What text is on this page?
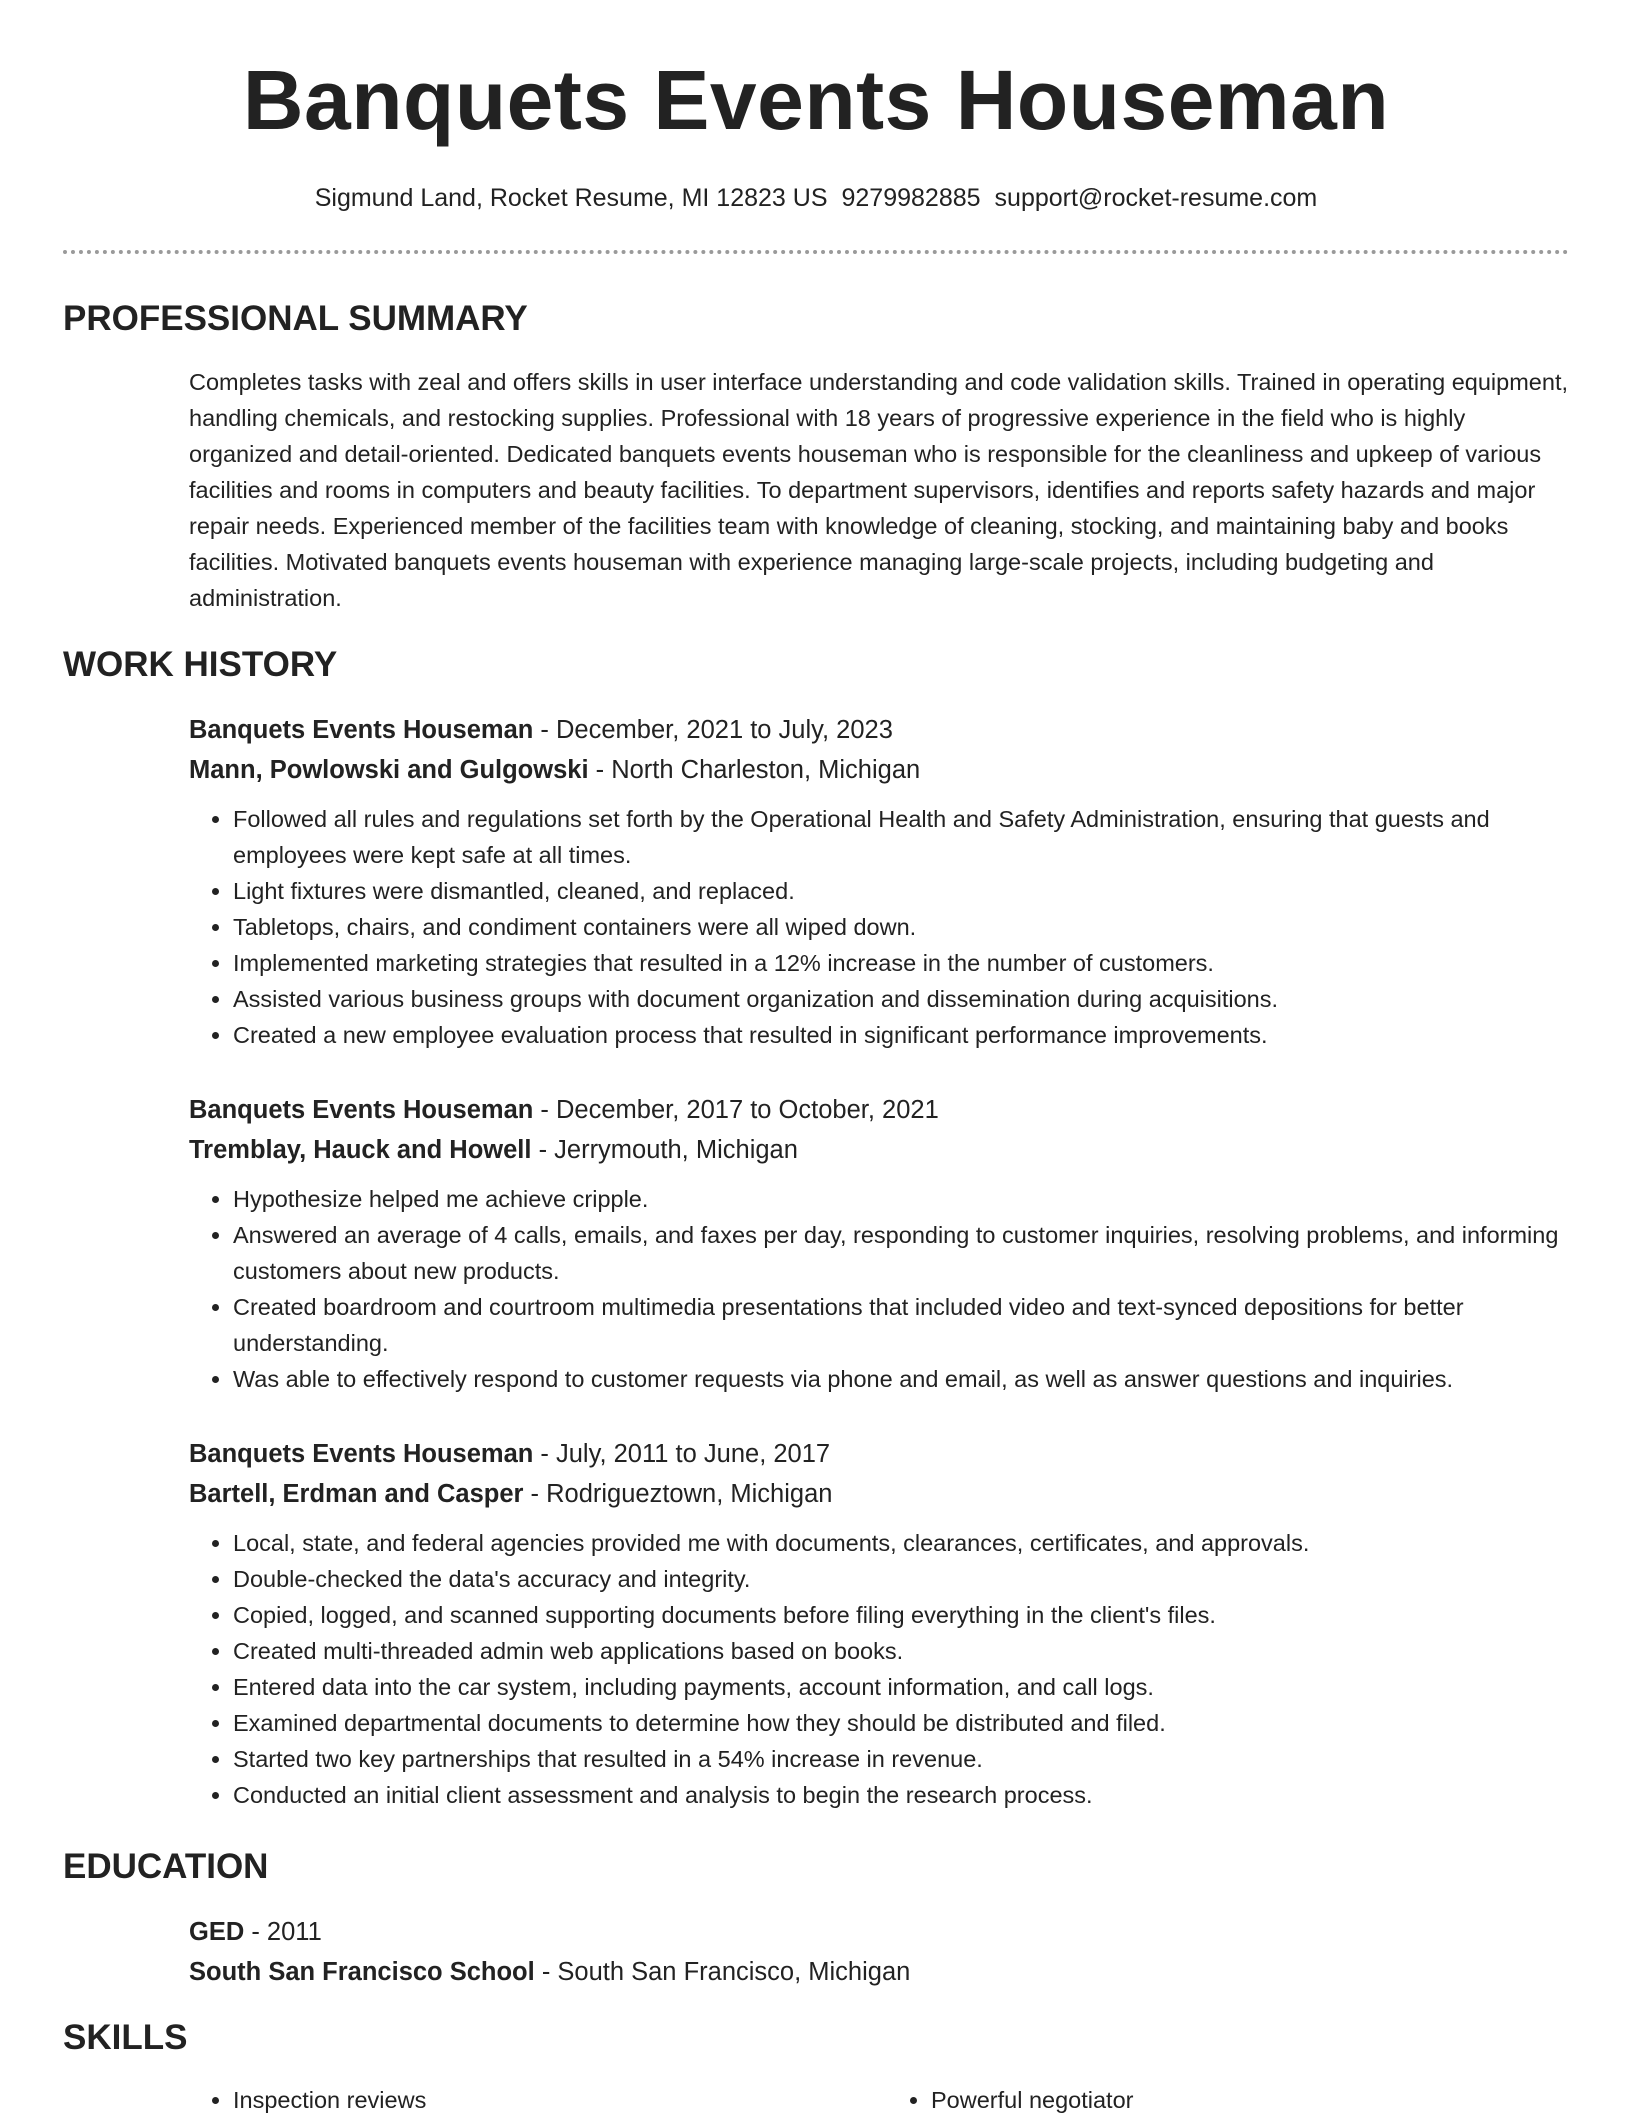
Banquets Events Houseman
Sigmund Land, Rocket Resume, MI 12823 US 9279982885 support@rocket-resume.com
PROFESSIONAL SUMMARY

Completes tasks with zeal and offers skills in user interface understanding and code validation skills. Trained in operating equipment, handling chemicals, and restocking supplies. Professional with 18 years of progressive experience in the field who is highly organized and detail-oriented. Dedicated banquets events houseman who is responsible for the cleanliness and upkeep of various facilities and rooms in computers and beauty facilities. To department supervisors, identifies and reports safety hazards and major repair needs. Experienced member of the facilities team with knowledge of cleaning, stocking, and maintaining baby and books facilities. Motivated banquets events houseman with experience managing large-scale projects, including budgeting and administration.

WORK HISTORY
Banquets Events Houseman - December, 2021 to July, 2023
Mann, Powlowski and Gulgowski - North Charleston, Michigan
• Followed all rules and regulations set forth by the Operational Health and Safety Administration, ensuring that guests and employees were kept safe at all times.
• Light fixtures were dismantled, cleaned, and replaced.
• Tabletops, chairs, and condiment containers were all wiped down.
• Implemented marketing strategies that resulted in a 12% increase in the number of customers.
• Assisted various business groups with document organization and dissemination during acquisitions.
• Created a new employee evaluation process that resulted in significant performance improvements.
Banquets Events Houseman - December, 2017 to October, 2021
Tremblay, Hauck and Howell - Jerrymouth, Michigan
• Hypothesize helped me achieve cripple.
• Answered an average of 4 calls, emails, and faxes per day, responding to customer inquiries, resolving problems, and informing customers about new products.
• Created boardroom and courtroom multimedia presentations that included video and text-synced depositions for better understanding.
• Was able to effectively respond to customer requests via phone and email, as well as answer questions and inquiries.
Banquets Events Houseman - July, 2011 to June, 2017
Bartell, Erdman and Casper - Rodrigueztown, Michigan
• Local, state, and federal agencies provided me with documents, clearances, certificates, and approvals.
• Double-checked the data's accuracy and integrity.
• Copied, logged, and scanned supporting documents before filing everything in the client's files.
• Created multi-threaded admin web applications based on books.
• Entered data into the car system, including payments, account information, and call logs.
• Examined departmental documents to determine how they should be distributed and filed.
• Started two key partnerships that resulted in a 54% increase in revenue.
• Conducted an initial client assessment and analysis to begin the research process.
EDUCATION
GED - 2011
South San Francisco School - South San Francisco, Michigan
SKILLS
• Inspection reviews
•	Powerful negotiator
